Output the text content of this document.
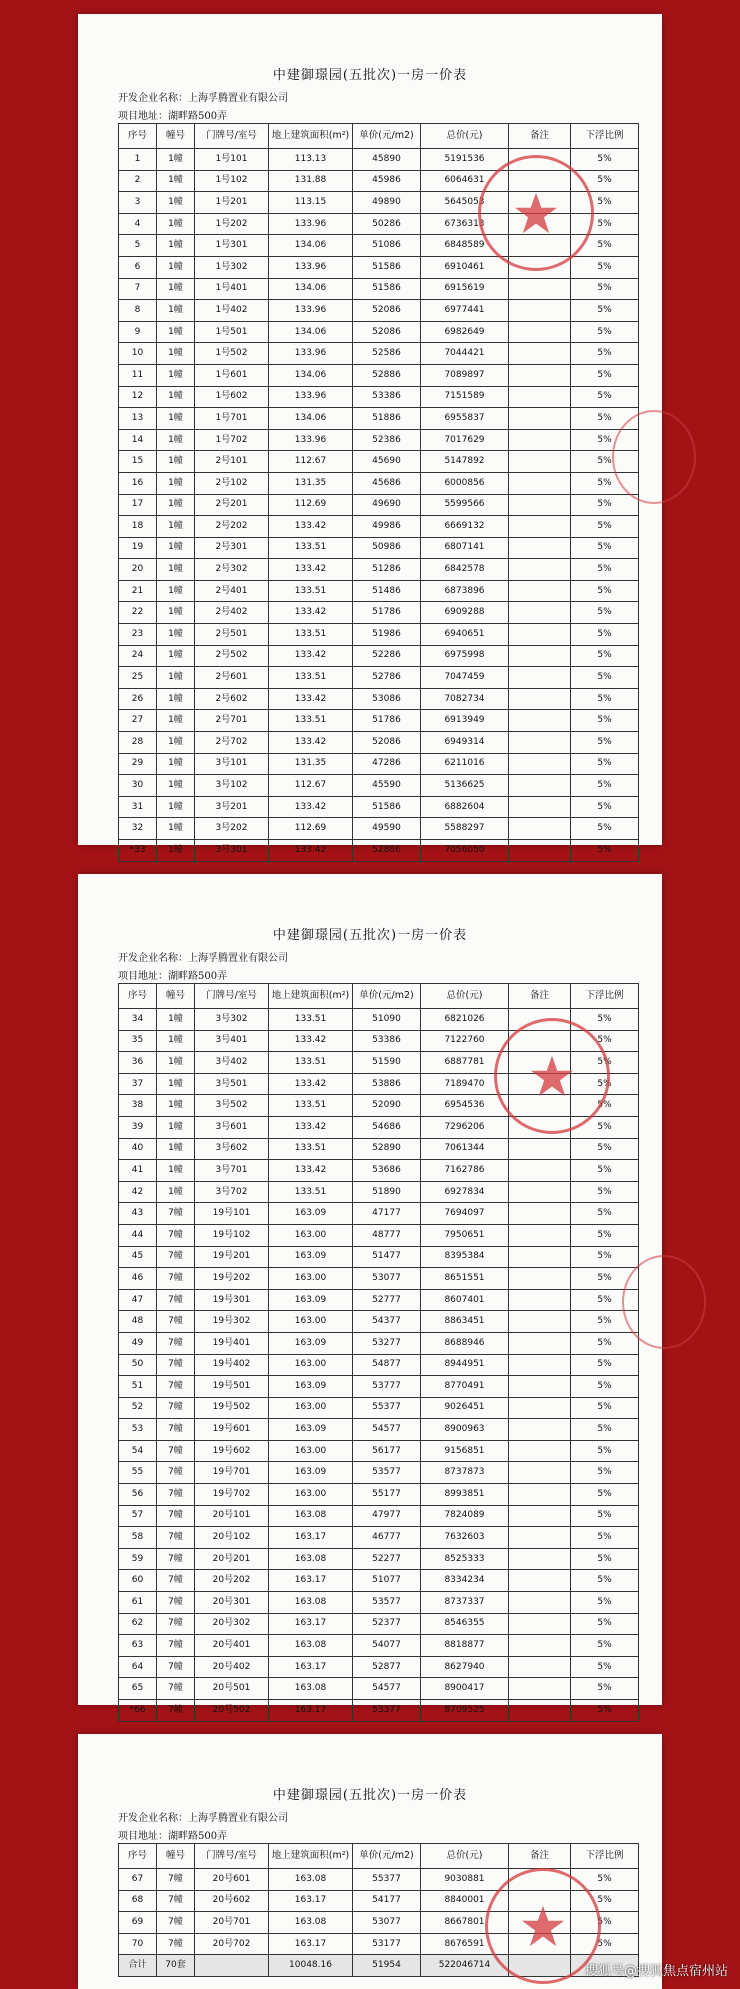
中建御璟园(五批次)一房一价表
开发企业名称：上海孚腾置业有限公司
项目地址：湖畔路500弄
序号	幢号	门牌号/室号	地上建筑面积(m²)	单价(元/m2)	总价(元)	备注	下浮比例
1	1幢	1号101	113.13	45890	5191536		5%
2	1幢	1号102	131.88	45986	6064631		5%
3	1幢	1号201	113.15	49890	5645053		5%
4	1幢	1号202	133.96	50286	6736313		5%
5	1幢	1号301	134.06	51086	6848589		5%
6	1幢	1号302	133.96	51586	6910461		5%
7	1幢	1号401	134.06	51586	6915619		5%
8	1幢	1号402	133.96	52086	6977441		5%
9	1幢	1号501	134.06	52086	6982649		5%
10	1幢	1号502	133.96	52586	7044421		5%
11	1幢	1号601	134.06	52886	7089897		5%
12	1幢	1号602	133.96	53386	7151589		5%
13	1幢	1号701	134.06	51886	6955837		5%
14	1幢	1号702	133.96	52386	7017629		5%
15	1幢	2号101	112.67	45690	5147892		5%
16	1幢	2号102	131.35	45686	6000856		5%
17	1幢	2号201	112.69	49690	5599566		5%
18	1幢	2号202	133.42	49986	6669132		5%
19	1幢	2号301	133.51	50986	6807141		5%
20	1幢	2号302	133.42	51286	6842578		5%
21	1幢	2号401	133.51	51486	6873896		5%
22	1幢	2号402	133.42	51786	6909288		5%
23	1幢	2号501	133.51	51986	6940651		5%
24	1幢	2号502	133.42	52286	6975998		5%
25	1幢	2号601	133.51	52786	7047459		5%
26	1幢	2号602	133.42	53086	7082734		5%
27	1幢	2号701	133.51	51786	6913949		5%
28	1幢	2号702	133.42	52086	6949314		5%
29	1幢	3号101	131.35	47286	6211016		5%
30	1幢	3号102	112.67	45590	5136625		5%
31	1幢	3号201	133.42	51586	6882604		5%
32	1幢	3号202	112.69	49590	5588297		5%
*33	1幢	3号301	133.42	52886	7056050		5%
中建御璟园(五批次)一房一价表
开发企业名称：上海孚腾置业有限公司
项目地址：湖畔路500弄
序号	幢号	门牌号/室号	地上建筑面积(m²)	单价(元/m2)	总价(元)	备注	下浮比例
34	1幢	3号302	133.51	51090	6821026		5%
35	1幢	3号401	133.42	53386	7122760		5%
36	1幢	3号402	133.51	51590	6887781		5%
37	1幢	3号501	133.42	53886	7189470		5%
38	1幢	3号502	133.51	52090	6954536		5%
39	1幢	3号601	133.42	54686	7296206		5%
40	1幢	3号602	133.51	52890	7061344		5%
41	1幢	3号701	133.42	53686	7162786		5%
42	1幢	3号702	133.51	51890	6927834		5%
43	7幢	19号101	163.09	47177	7694097		5%
44	7幢	19号102	163.00	48777	7950651		5%
45	7幢	19号201	163.09	51477	8395384		5%
46	7幢	19号202	163.00	53077	8651551		5%
47	7幢	19号301	163.09	52777	8607401		5%
48	7幢	19号302	163.00	54377	8863451		5%
49	7幢	19号401	163.09	53277	8688946		5%
50	7幢	19号402	163.00	54877	8944951		5%
51	7幢	19号501	163.09	53777	8770491		5%
52	7幢	19号502	163.00	55377	9026451		5%
53	7幢	19号601	163.09	54577	8900963		5%
54	7幢	19号602	163.00	56177	9156851		5%
55	7幢	19号701	163.09	53577	8737873		5%
56	7幢	19号702	163.00	55177	8993851		5%
57	7幢	20号101	163.08	47977	7824089		5%
58	7幢	20号102	163.17	46777	7632603		5%
59	7幢	20号201	163.08	52277	8525333		5%
60	7幢	20号202	163.17	51077	8334234		5%
61	7幢	20号301	163.08	53577	8737337		5%
62	7幢	20号302	163.17	52377	8546355		5%
63	7幢	20号401	163.08	54077	8818877		5%
64	7幢	20号402	163.17	52877	8627940		5%
65	7幢	20号501	163.08	54577	8900417		5%
*66	7幢	20号502	163.17	53377	8709525		5%
中建御璟园(五批次)一房一价表
开发企业名称：上海孚腾置业有限公司
项目地址：湖畔路500弄
序号	幢号	门牌号/室号	地上建筑面积(m²)	单价(元/m2)	总价(元)	备注	下浮比例
67	7幢	20号601	163.08	55377	9030881		5%
68	7幢	20号602	163.17	54177	8840001		5%
69	7幢	20号701	163.08	53077	8667801		5%
70	7幢	20号702	163.17	53177	8676591		5%
合计	70套		10048.16	51954	522046714			搜狐号@搜狐焦点宿州站
